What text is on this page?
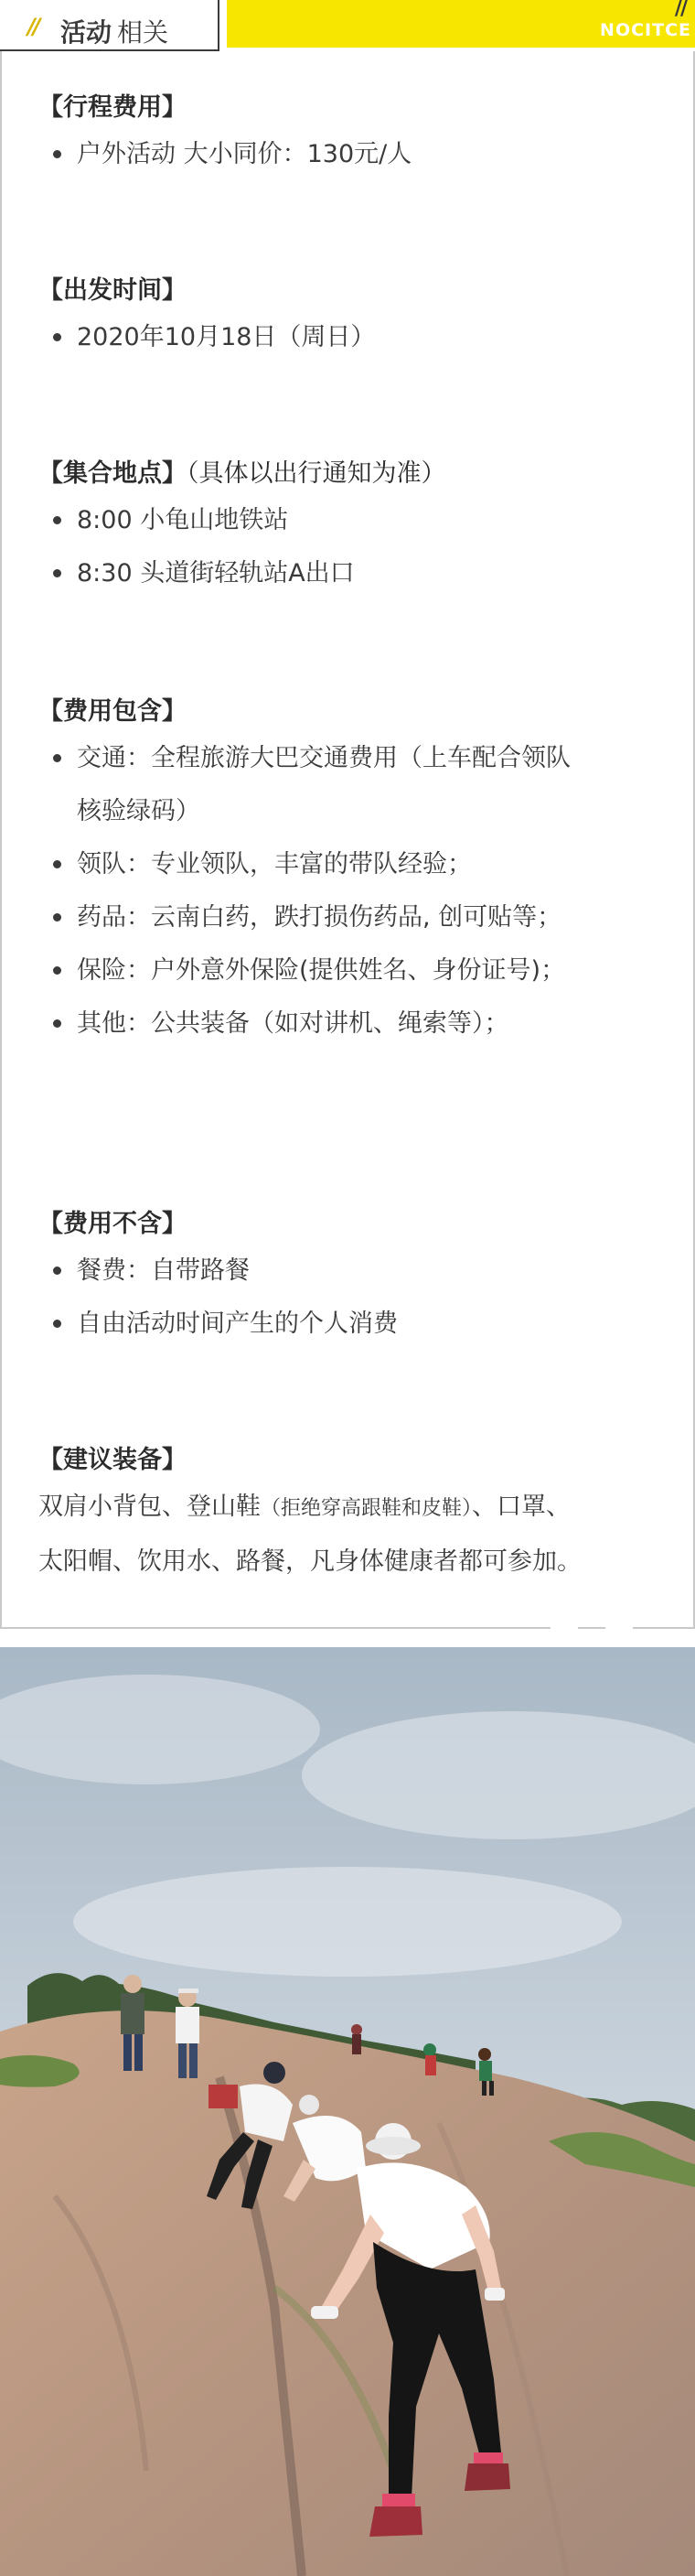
//
NOCITCE
// 活动 相关
【行程费用】
户外活动 大小同价：130元/人
【出发时间】
2020年10月18日（周日）
【集合地点】（具体以出行通知为准）
8:00 小龟山地铁站
8:30 头道街轻轨站A出口
【费用包含】
交通：全程旅游大巴交通费用（上车配合领队核验绿码）
领队：专业领队，丰富的带队经验；
药品：云南白药，跌打损伤药品, 创可贴等；
保险：户外意外保险(提供姓名、身份证号)；
其他：公共装备（如对讲机、绳索等）；
【费用不含】
餐费：自带路餐
自由活动时间产生的个人消费
【建议装备】
双肩小背包、登山鞋（拒绝穿高跟鞋和皮鞋）、口罩、
太阳帽、饮用水、路餐，凡身体健康者都可参加。
